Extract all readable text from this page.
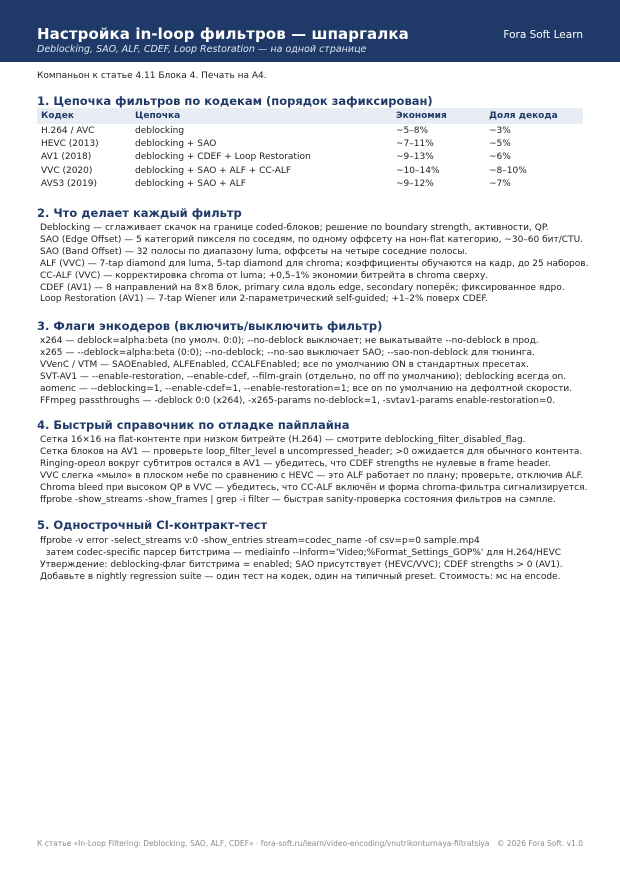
Настройка in-loop фильтров — шпаргалка
Deblocking, SAO, ALF, CDEF, Loop Restoration — на одной странице
Fora Soft Learn
Компаньон к статье 4.11 Блока 4. Печать на A4.
1. Цепочка фильтров по кодекам (порядок зафиксирован)
Кодек	Цепочка	Экономия	Доля декода
H.264 / AVC	deblocking	~5–8%	~3%
HEVC (2013)	deblocking + SAO	~7–11%	~5%
AV1 (2018)	deblocking + CDEF + Loop Restoration	~9–13%	~6%
VVC (2020)	deblocking + SAO + ALF + CC-ALF	~10–14%	~8–10%
AVS3 (2019)	deblocking + SAO + ALF	~9–12%	~7%
2. Что делает каждый фильтр
Deblocking — сглаживает скачок на границе coded-блоков; решение по boundary strength, активности, QP.
SAO (Edge Offset) — 5 категорий пикселя по соседям, по одному оффсету на нон-flat категорию, ~30–60 бит/CTU.
SAO (Band Offset) — 32 полосы по диапазону luma, оффсеты на четыре соседние полосы.
ALF (VVC) — 7-tap diamond для luma, 5-tap diamond для chroma; коэффициенты обучаются на кадр, до 25 наборов.
CC-ALF (VVC) — корректировка chroma от luma; +0,5–1% экономии битрейта в chroma сверху.
CDEF (AV1) — 8 направлений на 8×8 блок, primary сила вдоль edge, secondary поперёк; фиксированное ядро.
Loop Restoration (AV1) — 7-tap Wiener или 2-параметрический self-guided; +1–2% поверх CDEF.
3. Флаги энкодеров (включить/выключить фильтр)
x264 — deblock=alpha:beta (по умолч. 0:0); --no-deblock выключает; не выкатывайте --no-deblock в прод.
x265 — --deblock=alpha:beta (0:0); --no-deblock; --no-sao выключает SAO; --sao-non-deblock для тюнинга.
VVenC / VTM — SAOEnabled, ALFEnabled, CCALFEnabled; все по умолчанию ON в стандартных пресетах.
SVT-AV1 — --enable-restoration, --enable-cdef, --film-grain (отдельно, no off по умолчанию); deblocking всегда on.
aomenc — --deblocking=1, --enable-cdef=1, --enable-restoration=1; все on по умолчанию на дефолтной скорости.
FFmpeg passthroughs — -deblock 0:0 (x264), -x265-params no-deblock=1, -svtav1-params enable-restoration=0.
4. Быстрый справочник по отладке пайплайна
Сетка 16×16 на flat-контенте при низком битрейте (H.264) — смотрите deblocking_filter_disabled_flag.
Сетка блоков на AV1 — проверьте loop_filter_level в uncompressed_header; >0 ожидается для обычного контента.
Ringing-ореол вокруг субтитров остался в AV1 — убедитесь, что CDEF strengths не нулевые в frame header.
VVC слегка «мыло» в плоском небе по сравнению с HEVC — это ALF работает по плану; проверьте, отключив ALF.
Chroma bleed при высоком QP в VVC — убедитесь, что CC-ALF включён и форма chroma-фильтра сигнализируется.
ffprobe -show_streams -show_frames | grep -i filter — быстрая sanity-проверка состояния фильтров на сэмпле.
5. Однострочный CI-контракт-тест
ffprobe -v error -select_streams v:0 -show_entries stream=codec_name -of csv=p=0 sample.mp4
затем codec-specific парсер битстрима — mediainfo --Inform='Video;%Format_Settings_GOP%' для H.264/HEVC
Утверждение: deblocking-флаг битстрима = enabled; SAO присутствует (HEVC/VVC); CDEF strengths > 0 (AV1).
Добавьте в nightly regression suite — один тест на кодек, один на типичный preset. Стоимость: мс на encode.
К статье «In-Loop Filtering: Deblocking, SAO, ALF, CDEF» · fora-soft.ru/learn/video-encoding/vnutrikonturnaya-filtratsiya © 2026 Fora Soft. v1.0
